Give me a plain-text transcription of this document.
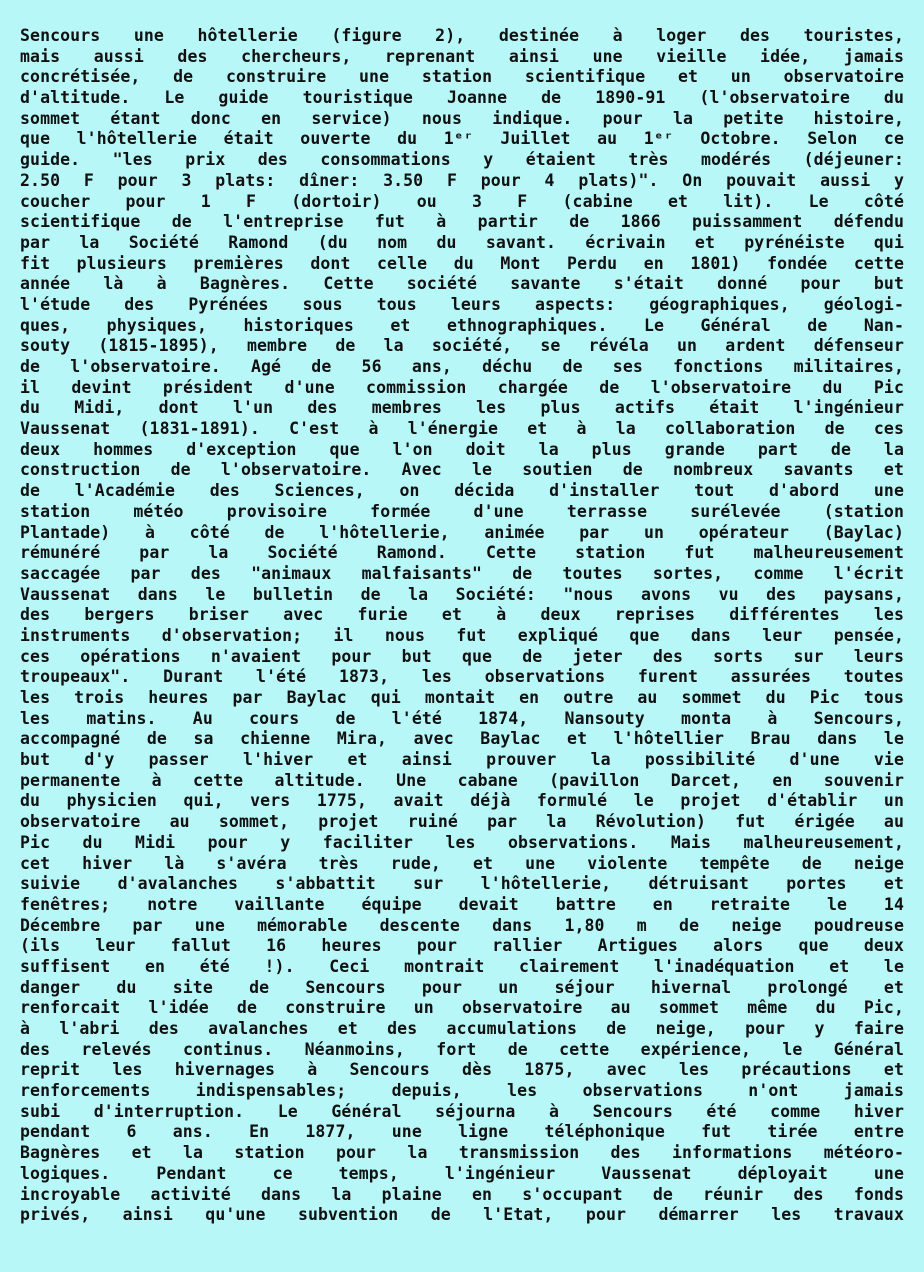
Sencours une hôtellerie (figure 2), destinée à loger des touristes,
mais aussi des chercheurs, reprenant ainsi une vieille idée, jamais
concrétisée, de construire une station scientifique et un observatoire
d'altitude. Le guide touristique Joanne de 1890-91 (l'observatoire du
sommet étant donc en service) nous indique. pour la petite histoire,
que l'hôtellerie était ouverte du 1ᵉʳ Juillet au 1ᵉʳ Octobre. Selon ce
guide. "les prix des consommations y étaient très modérés (déjeuner:
2.50 F pour 3 plats: dîner: 3.50 F pour 4 plats)". On pouvait aussi y
coucher pour 1 F (dortoir) ou 3 F (cabine et lit). Le côté
scientifique de l'entreprise fut à partir de 1866 puissamment défendu
par la Société Ramond (du nom du savant. écrivain et pyrénéiste qui
fit plusieurs premières dont celle du Mont Perdu en 1801) fondée cette
année là à Bagnères. Cette société savante s'était donné pour but
l'étude des Pyrénées sous tous leurs aspects: géographiques, géologi-
ques, physiques, historiques et ethnographiques. Le Général de Nan-
souty (1815-1895), membre de la société, se révéla un ardent défenseur
de l'observatoire. Agé de 56 ans, déchu de ses fonctions militaires,
il devint président d'une commission chargée de l'observatoire du Pic
du Midi, dont l'un des membres les plus actifs était l'ingénieur
Vaussenat (1831-1891). C'est à l'énergie et à la collaboration de ces
deux hommes d'exception que l'on doit la plus grande part de la
construction de l'observatoire. Avec le soutien de nombreux savants et
de l'Académie des Sciences, on décida d'installer tout d'abord une
station météo provisoire formée d'une terrasse surélevée (station
Plantade) à côté de l'hôtellerie, animée par un opérateur (Baylac)
rémunéré par la Société Ramond. Cette station fut malheureusement
saccagée par des "animaux malfaisants" de toutes sortes, comme l'écrit
Vaussenat dans le bulletin de la Société: "nous avons vu des paysans,
des bergers briser avec furie et à deux reprises différentes les
instruments d'observation; il nous fut expliqué que dans leur pensée,
ces opérations n'avaient pour but que de jeter des sorts sur leurs
troupeaux". Durant l'été 1873, les observations furent assurées toutes
les trois heures par Baylac qui montait en outre au sommet du Pic tous
les matins. Au cours de l'été 1874, Nansouty monta à Sencours,
accompagné de sa chienne Mira, avec Baylac et l'hôtellier Brau dans le
but d'y passer l'hiver et ainsi prouver la possibilité d'une vie
permanente à cette altitude. Une cabane (pavillon Darcet, en souvenir
du physicien qui, vers 1775, avait déjà formulé le projet d'établir un
observatoire au sommet, projet ruiné par la Révolution) fut érigée au
Pic du Midi pour y faciliter les observations. Mais malheureusement,
cet hiver là s'avéra très rude, et une violente tempête de neige
suivie d'avalanches s'abbattit sur l'hôtellerie, détruisant portes et
fenêtres; notre vaillante équipe devait battre en retraite le 14
Décembre par une mémorable descente dans 1,80 m de neige poudreuse
(ils leur fallut 16 heures pour rallier Artigues alors que deux
suffisent en été !). Ceci montrait clairement l'inadéquation et le
danger du site de Sencours pour un séjour hivernal prolongé et
renforcait l'idée de construire un observatoire au sommet même du Pic,
à l'abri des avalanches et des accumulations de neige, pour y faire
des relevés continus. Néanmoins, fort de cette expérience, le Général
reprit les hivernages à Sencours dès 1875, avec les précautions et
renforcements indispensables; depuis, les observations n'ont jamais
subi d'interruption. Le Général séjourna à Sencours été comme hiver
pendant 6 ans. En 1877, une ligne téléphonique fut tirée entre
Bagnères et la station pour la transmission des informations météoro-
logiques. Pendant ce temps, l'ingénieur Vaussenat déployait une
incroyable activité dans la plaine en s'occupant de réunir des fonds
privés, ainsi qu'une subvention de l'Etat, pour démarrer les travaux
